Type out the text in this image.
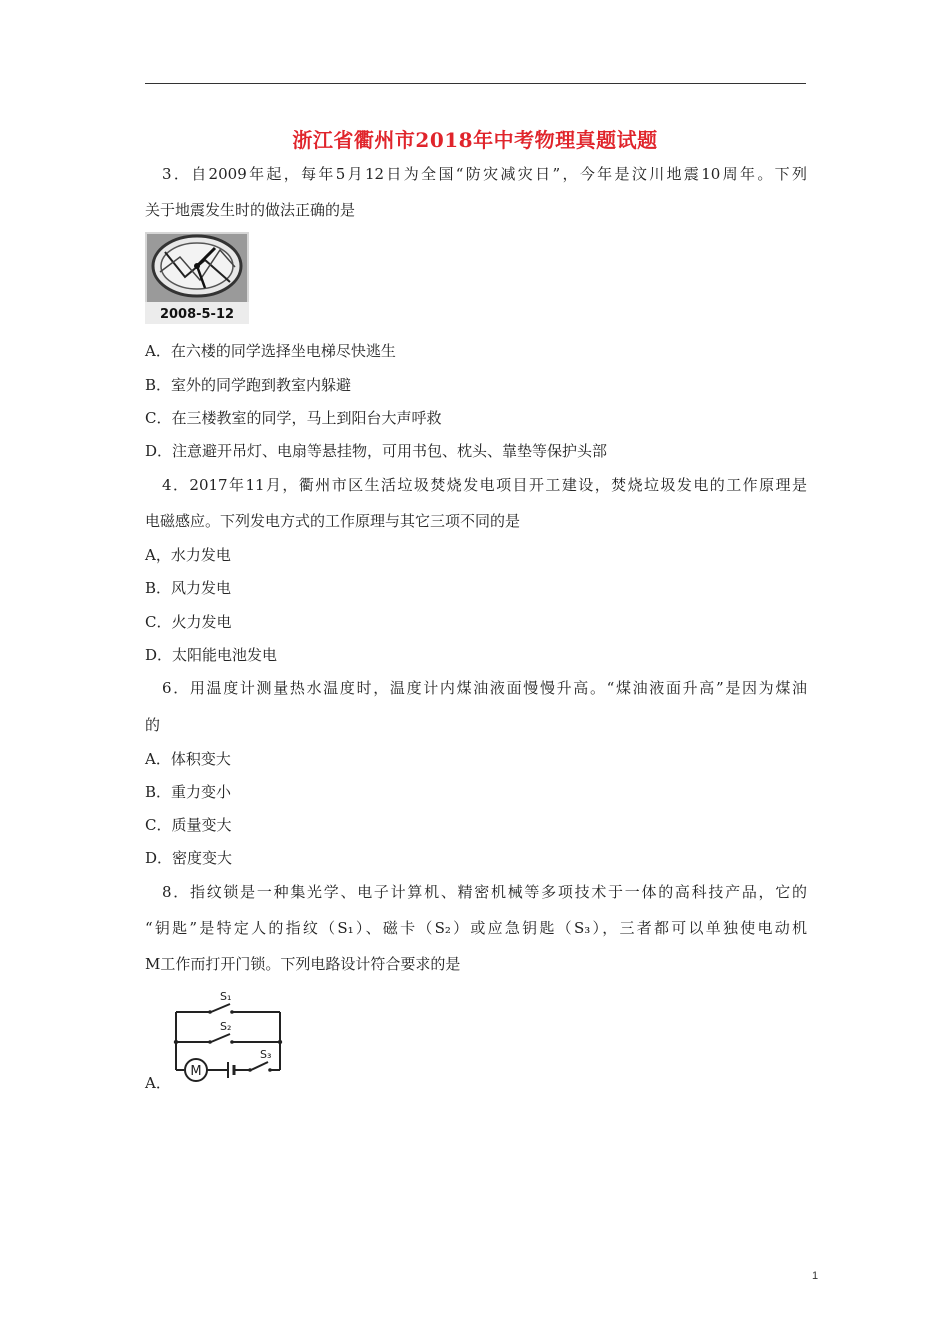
浙江省衢州市2018年中考物理真题试题
3．自2009年起，每年5月12日为全国“防灾减灾日”，今年是汶川地震10周年。下列
关于地震发生时的做法正确的是
2008-5-12
A．在六楼的同学选择坐电梯尽快逃生
B．室外的同学跑到教室内躲避
C．在三楼教室的同学，马上到阳台大声呼救
D．注意避开吊灯、电扇等悬挂物，可用书包、枕头、靠垫等保护头部
4．2017年11月，衢州市区生活垃圾焚烧发电项目开工建设，焚烧垃圾发电的工作原理是
电磁感应。下列发电方式的工作原理与其它三项不同的是
A，水力发电
B．风力发电
C．火力发电
D．太阳能电池发电
6．用温度计测量热水温度时，温度计内煤油液面慢慢升高。“煤油液面升高”是因为煤油
的
A．体积变大
B．重力变小
C．质量变大
D．密度变大
8．指纹锁是一种集光学、电子计算机、精密机械等多项技术于一体的高科技产品，它的
“钥匙”是特定人的指纹（S₁）、磁卡（S₂）或应急钥匙（S₃），三者都可以单独使电动机
M工作而打开门锁。下列电路设计符合要求的是
S₁
S₂
S₃
M
A．
1
